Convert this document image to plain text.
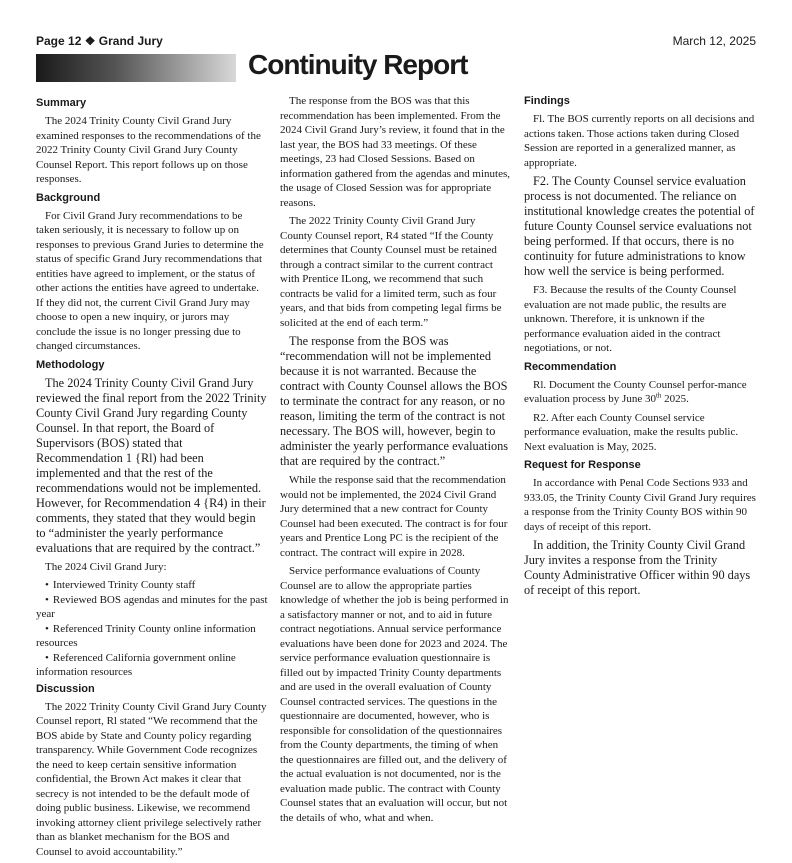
Page 12 ❖ Grand Jury	March 12, 2025
Continuity Report
Summary

The 2024 Trinity County Civil Grand Jury examined responses to the recommendations of the 2022 Trinity County Civil Grand Jury County Counsel Report. This report follows up on those responses.

Background

For Civil Grand Jury recommendations to be taken seriously, it is necessary to follow up on responses to previous Grand Juries to determine the status of specific Grand Jury recommendations that entities have agreed to implement, or the status of other actions the entities have agreed to undertake. If they did not, the current Civil Grand Jury may choose to open a new inquiry, or jurors may conclude the issue is no longer pressing due to changed circumstances.

Methodology

The 2024 Trinity County Civil Grand Jury reviewed the final report from the 2022 Trinity County Civil Grand Jury regarding County Counsel. In that report, the Board of Supervisors (BOS) stated that Recommendation 1 {Rl) had been implemented and that the rest of the recommendations would not be implemented. However, for Recommendation 4 {R4) in their comments, they stated that they would begin to “administer the yearly performance evaluations that are required by the contract.”

The 2024 Civil Grand Jury:

• Interviewed Trinity County staff
• Reviewed BOS agendas and minutes for the past year
• Referenced Trinity County online information resources
• Referenced California government online information resources
Discussion

The 2022 Trinity County Civil Grand Jury County Counsel report, Rl stated “We recommend that the BOS abide by State and County policy regarding transparency. While Government Code recognizes the need to keep certain sensitive information confidential, the Brown Act makes it clear that secrecy is not intended to be the default mode of doing public business. Likewise, we recommend invoking attorney client privilege selectively rather than as blanket mechanism for the BOS and Counsel to avoid accountability.”

The response from the BOS was that this recommendation has been implemented. From the 2024 Civil Grand Jury’s review, it found that in the last year, the BOS had 33 meetings. Of these meetings, 23 had Closed Sessions. Based on information gathered from the agendas and minutes, the usage of Closed Session was for appropriate reasons.

The 2022 Trinity County Civil Grand Jury County Counsel report, R4 stated “If the County determines that County Counsel must be retained through a contract similar to the current contract with Prentice ILong, we recommend that such contracts be valid for a limited term, such as four years, and that bids from competing legal firms be solicited at the end of each term.”

The response from the BOS was “recommendation will not be implemented because it is not warranted. Because the contract with County Counsel allows the BOS to terminate the contract for any reason, or no reason, limiting the term of the contract is not necessary. The BOS will, however, begin to administer the yearly performance evaluations that are required by the contract.”

While the response said that the recommendation would not be implemented, the 2024 Civil Grand Jury determined that a new contract for County Counsel had been executed. The contract is for four years and Prentice Long PC is the recipient of the contract. The contract will expire in 2028.

Service performance evaluations of County Counsel are to allow the appropriate parties knowledge of whether the job is being performed in a satisfactory manner or not, and to aid in future contract negotiations. Annual service performance evaluations have been done for 2023 and 2024. The service performance evaluation questionnaire is filled out by impacted Trinity County departments and are used in the overall evaluation of County Counsel contracted services. The questions in the questionnaire are documented, however, who is responsible for consolidation of the questionnaires from the County departments, the timing of when the questionnaires are filled out, and the delivery of the actual evaluation is not documented, nor is the evaluation made public. The contract with County Counsel states that an evaluation will occur, but not the details of who, what and when.

Findings

Fl. The BOS currently reports on all decisions and actions taken. Those actions taken during Closed Session are reported in a generalized manner, as appropriate.

F2. The County Counsel service evaluation process is not documented. The reliance on institutional knowledge creates the potential of future County Counsel service evaluations not being performed. If that occurs, there is no continuity for future administrations to know how well the service is being performed.

F3. Because the results of the County Counsel evaluation are not made public, the results are unknown. Therefore, it is unknown if the performance evaluation aided in the contract negotiations, or not.

Recommendation

Rl. Document the County Counsel perfor-mance evaluation process by June 30th 2025.

R2. After each County Counsel service performance evaluation, make the results public. Next evaluation is May, 2025.

Request for Response

In accordance with Penal Code Sections 933 and 933.05, the Trinity County Civil Grand Jury requires a response from the Trinity County BOS within 90 days of receipt of this report.

In addition, the Trinity County Civil Grand Jury invites a response from the Trinity County Administrative Officer within 90 days of receipt of this report.
